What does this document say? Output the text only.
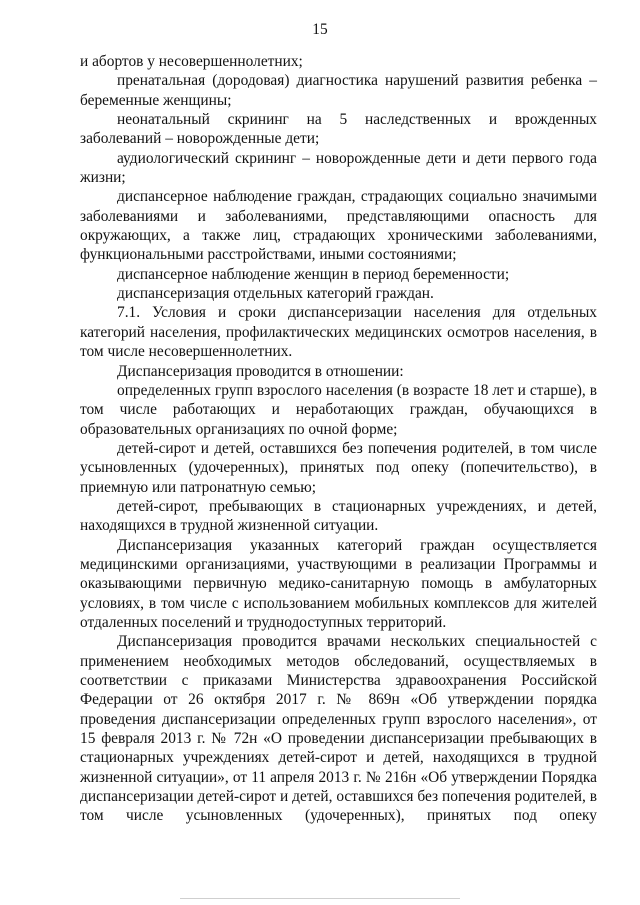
15

и абортов у несовершеннолетних;

пренатальная (дородовая) диагностика нарушений развития ребенка – беременные женщины;

неонатальный скрининг на 5 наследственных и врожденных заболеваний – новорожденные дети;

аудиологический скрининг – новорожденные дети и дети первого года жизни;

диспансерное наблюдение граждан, страдающих социально значимыми заболеваниями и заболеваниями, представляющими опасность для окружающих, а также лиц, страдающих хроническими заболеваниями, функциональными расстройствами, иными состояниями;

диспансерное наблюдение женщин в период беременности;

диспансеризация отдельных категорий граждан.

7.1. Условия и сроки диспансеризации населения для отдельных категорий населения, профилактических медицинских осмотров населения, в том числе несовершеннолетних.

Диспансеризация проводится в отношении:

определенных групп взрослого населения (в возрасте 18 лет и старше), в том числе работающих и неработающих граждан, обучающихся в образовательных организациях по очной форме;

детей-сирот и детей, оставшихся без попечения родителей, в том числе усыновленных (удочеренных), принятых под опеку (попечительство), в приемную или патронатную семью;

детей-сирот, пребывающих в стационарных учреждениях, и детей, находящихся в трудной жизненной ситуации.

Диспансеризация указанных категорий граждан осуществляется медицинскими организациями, участвующими в реализации Программы и оказывающими первичную медико-санитарную помощь в амбулаторных условиях, в том числе с использованием мобильных комплексов для жителей отдаленных поселений и труднодоступных территорий.

Диспансеризация проводится врачами нескольких специальностей с применением необходимых методов обследований, осуществляемых в соответствии с приказами Министерства здравоохранения Российской Федерации от 26 октября 2017 г. № 869н «Об утверждении порядка проведения диспансеризации определенных групп взрослого населения», от 15 февраля 2013 г. № 72н «О проведении диспансеризации пребывающих в стационарных учреждениях детей-сирот и детей, находящихся в трудной жизненной ситуации», от 11 апреля 2013 г. № 216н «Об утверждении Порядка диспансеризации детей-сирот и детей, оставшихся без попечения родителей, в том числе усыновленных (удочеренных), принятых под опеку
